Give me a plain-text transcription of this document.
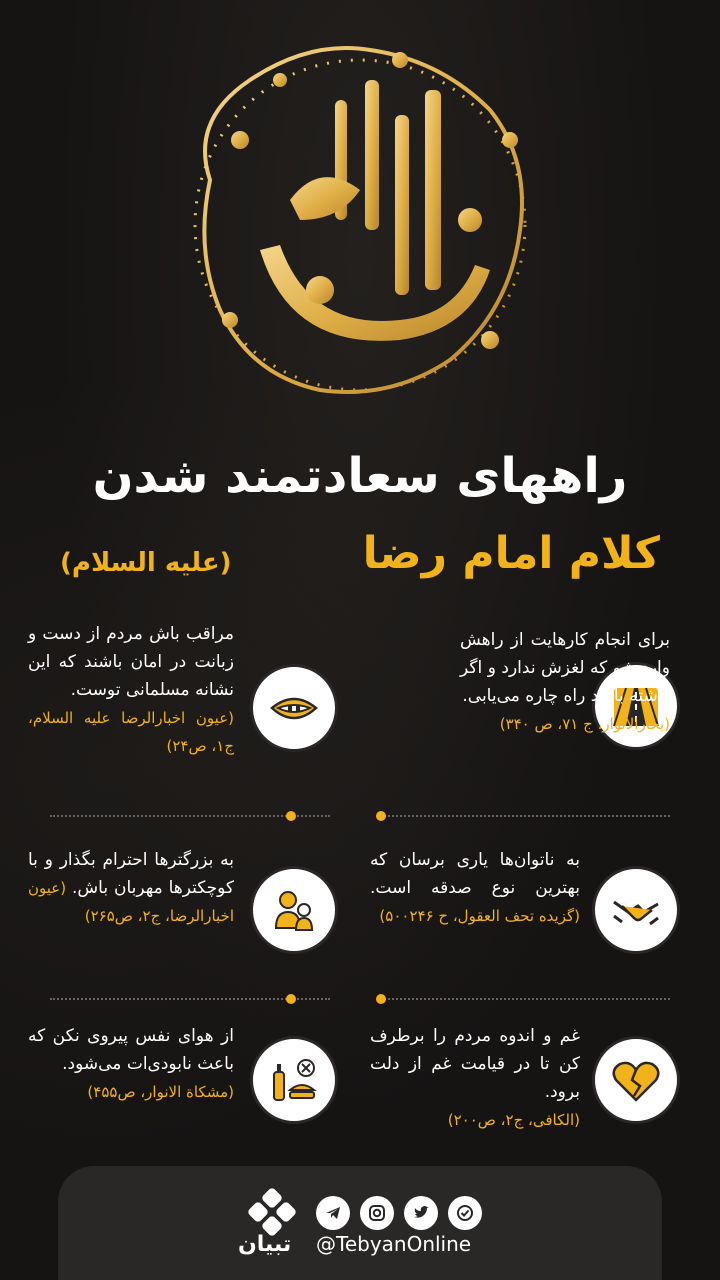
راههای سعادتمند شدن
کلام امام رضا
(علیه السلام)
برای انجام کارهایت از راهش وارد شو که لغزش ندارد و اگر داشته باشد راه چاره می‌یابی.
(بحارالانوار، ج ۷۱، ص ۳۴۰)
مراقب باش مردم از دست و زبانت در امان باشند که این نشانه مسلمانی توست.
(عیون اخبارالرضا علیه السلام، ج۱، ص۲۴)
به ناتوان‌ها یاری برسان که بهترین نوع صدقه است. (گزیده تحف العقول، ح ۵۰۰۲۴۶)
به بزرگترها احترام بگذار و با کوچکترها مهربان باش. (عیون اخبارالرضا، ج۲، ص۲۶۵)
غم و اندوه مردم را برطرف کن تا در قیامت غم از دلت برود.
(الکافی، ج۲، ص۲۰۰)
از هوای نفس پیروی نکن که باعث نابودی‌ات می‌شود.
(مشکاة الانوار، ص۴۵۵)
تبیان @TebyanOnline
